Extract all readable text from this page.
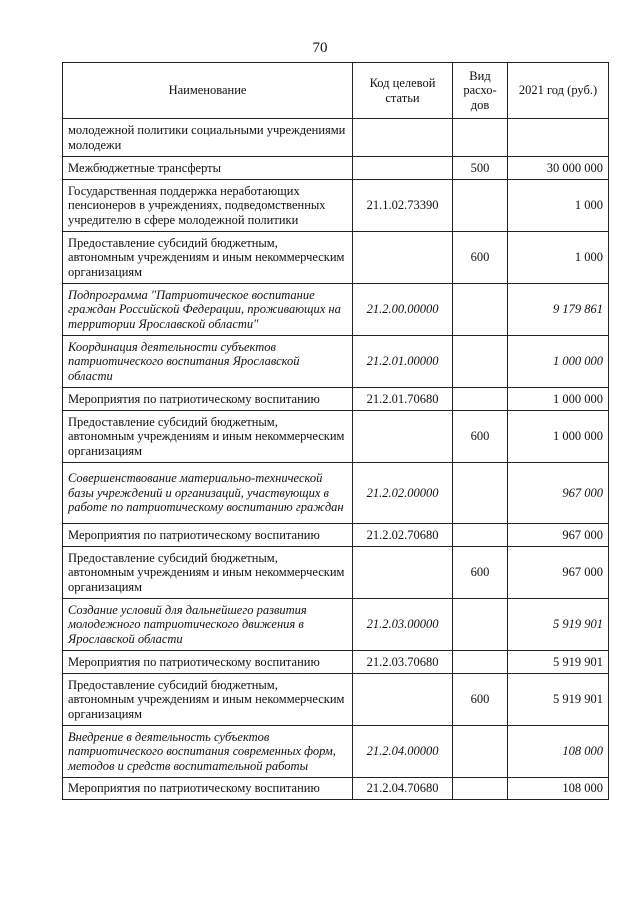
70
Наименование	Код целевой статьи	Вид расхо-дов	2021 год (руб.)
молодежной политики социальными учреждениями молодежи			
Межбюджетные трансферты		500	30 000 000
Государственная поддержка неработающих пенсионеров в учреждениях, подведомственных учредителю в сфере молодежной политики	21.1.02.73390		1 000
Предоставление субсидий бюджетным, автономным учреждениям и иным некоммерческим организациям		600	1 000
Подпрограмма "Патриотическое воспитание граждан Российской Федерации, проживающих на территории Ярославской области"	21.2.00.00000		9 179 861
Координация деятельности субъектов патриотического воспитания Ярославской области	21.2.01.00000		1 000 000
Мероприятия по патриотическому воспитанию	21.2.01.70680		1 000 000
Предоставление субсидий бюджетным, автономным учреждениям и иным некоммерческим организациям		600	1 000 000
Совершенствование материально-технической базы учреждений и организаций, участвующих в работе по патриотическому воспитанию граждан	21.2.02.00000		967 000
Мероприятия по патриотическому воспитанию	21.2.02.70680		967 000
Предоставление субсидий бюджетным, автономным учреждениям и иным некоммерческим организациям		600	967 000
Создание условий для дальнейшего развития молодежного патриотического движения в Ярославской области	21.2.03.00000		5 919 901
Мероприятия по патриотическому воспитанию	21.2.03.70680		5 919 901
Предоставление субсидий бюджетным, автономным учреждениям и иным некоммерческим организациям		600	5 919 901
Внедрение в деятельность субъектов патриотического воспитания современных форм, методов и средств воспитательной работы	21.2.04.00000		108 000
Мероприятия по патриотическому воспитанию	21.2.04.70680		108 000
